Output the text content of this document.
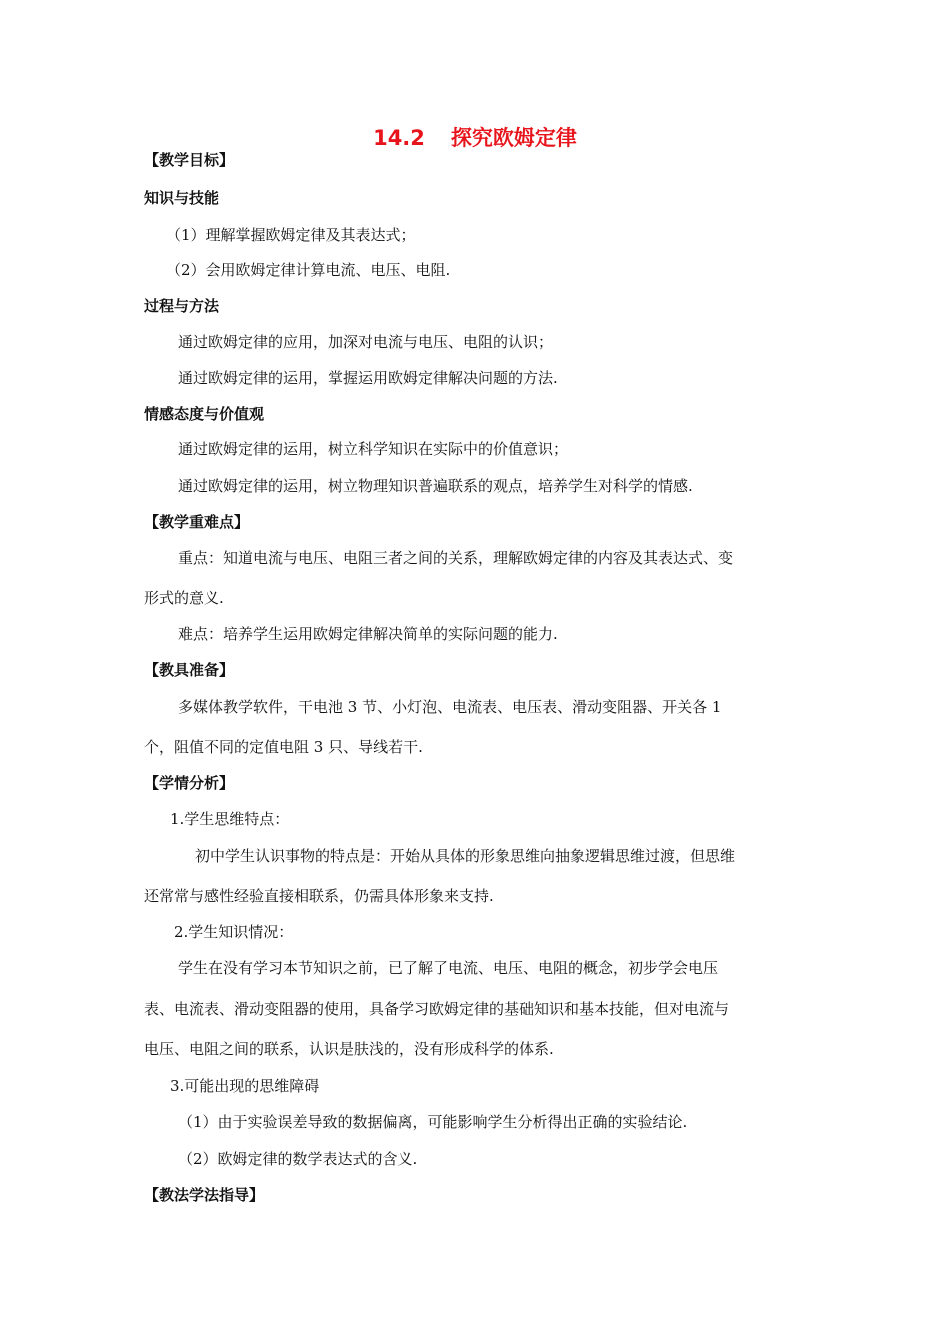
14.2 探究欧姆定律
【教学目标】
知识与技能
（1）理解掌握欧姆定律及其表达式；
（2）会用欧姆定律计算电流、电压、电阻.
过程与方法
通过欧姆定律的应用，加深对电流与电压、电阻的认识；
通过欧姆定律的运用，掌握运用欧姆定律解决问题的方法.
情感态度与价值观
通过欧姆定律的运用，树立科学知识在实际中的价值意识；
通过欧姆定律的运用，树立物理知识普遍联系的观点，培养学生对科学的情感.
【教学重难点】
重点：知道电流与电压、电阻三者之间的关系，理解欧姆定律的内容及其表达式、变
形式的意义.
难点：培养学生运用欧姆定律解决简单的实际问题的能力.
【教具准备】
多媒体教学软件，干电池 3 节、小灯泡、电流表、电压表、滑动变阻器、开关各 1
个，阻值不同的定值电阻 3 只、导线若干.
【学情分析】
1.学生思维特点：
初中学生认识事物的特点是：开始从具体的形象思维向抽象逻辑思维过渡，但思维
还常常与感性经验直接相联系，仍需具体形象来支持.
2.学生知识情况：
学生在没有学习本节知识之前，已了解了电流、电压、电阻的概念，初步学会电压
表、电流表、滑动变阻器的使用，具备学习欧姆定律的基础知识和基本技能，但对电流与
电压、电阻之间的联系，认识是肤浅的，没有形成科学的体系.
3.可能出现的思维障碍
（1）由于实验误差导致的数据偏离，可能影响学生分析得出正确的实验结论.
（2）欧姆定律的数学表达式的含义.
【教法学法指导】
